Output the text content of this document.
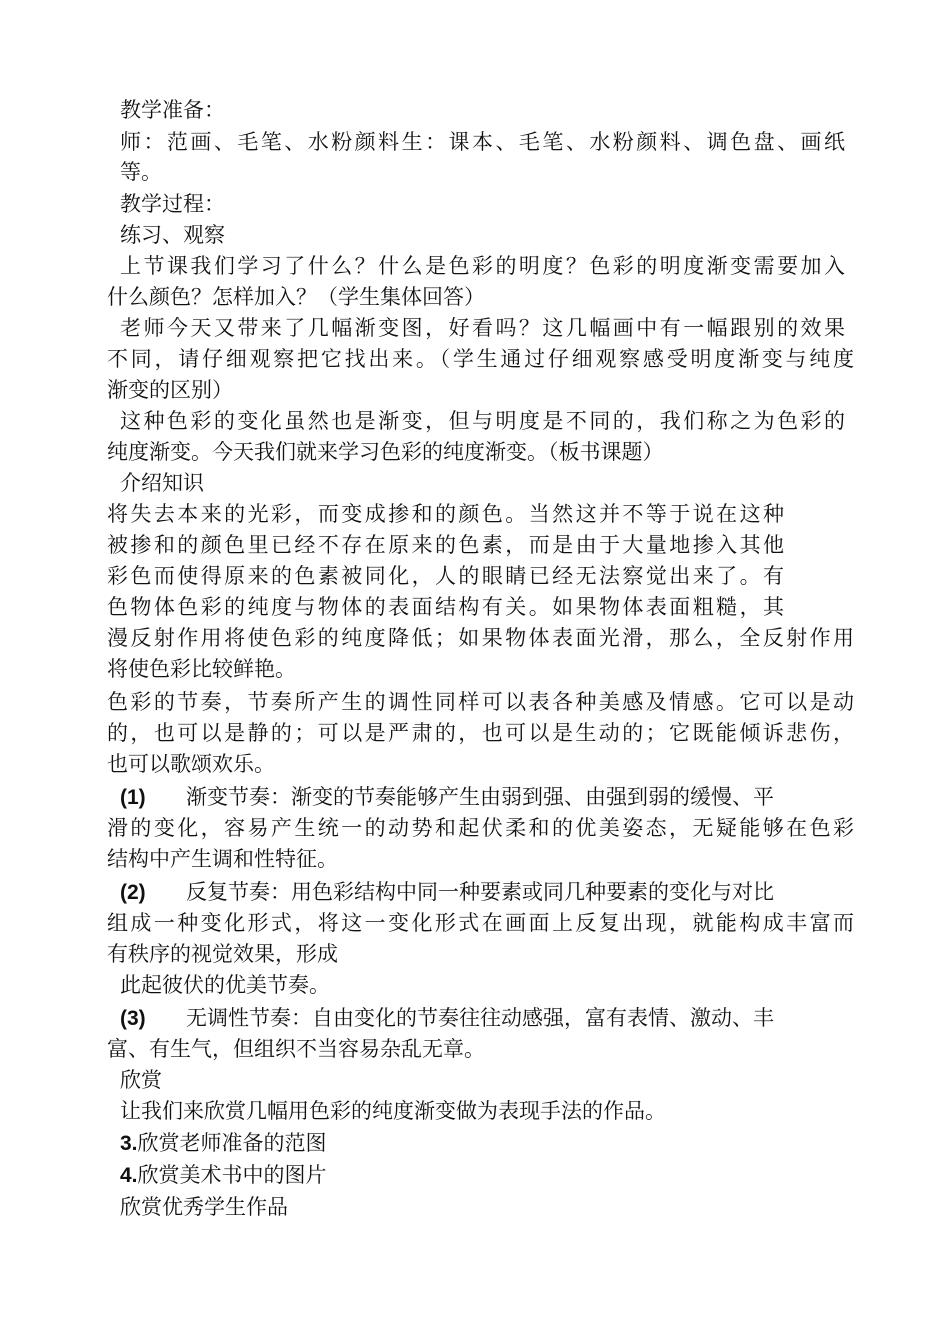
教学准备：
师：范画、毛笔、水粉颜料生：课本、毛笔、水粉颜料、调色盘、画纸
等。
教学过程：
练习、观察
上节课我们学习了什么？什么是色彩的明度？色彩的明度渐变需要加入
什么颜色？怎样加入？（学生集体回答）
老师今天又带来了几幅渐变图，好看吗？这几幅画中有一幅跟别的效果
不同，请仔细观察把它找出来。（学生通过仔细观察感受明度渐变与纯度
渐变的区别）
这种色彩的变化虽然也是渐变，但与明度是不同的，我们称之为色彩的
纯度渐变。今天我们就来学习色彩的纯度渐变。（板书课题）
介绍知识
将失去本来的光彩，而变成掺和的颜色。当然这并不等于说在这种
被掺和的颜色里已经不存在原来的色素，而是由于大量地掺入其他
彩色而使得原来的色素被同化，人的眼睛已经无法察觉出来了。有
色物体色彩的纯度与物体的表面结构有关。如果物体表面粗糙，其
漫反射作用将使色彩的纯度降低；如果物体表面光滑，那么，全反射作用
将使色彩比较鲜艳。
色彩的节奏，节奏所产生的调性同样可以表各种美感及情感。它可以是动
的，也可以是静的；可以是严肃的，也可以是生动的；它既能倾诉悲伤，
也可以歌颂欢乐。
(1) 渐变节奏：渐变的节奏能够产生由弱到强、由强到弱的缓慢、平
滑的变化，容易产生统一的动势和起伏柔和的优美姿态，无疑能够在色彩
结构中产生调和性特征。
(2) 反复节奏：用色彩结构中同一种要素或同几种要素的变化与对比
组成一种变化形式，将这一变化形式在画面上反复出现，就能构成丰富而
有秩序的视觉效果，形成
此起彼伏的优美节奏。
(3) 无调性节奏：自由变化的节奏往往动感强，富有表情、激动、丰
富、有生气，但组织不当容易杂乱无章。
欣赏
让我们来欣赏几幅用色彩的纯度渐变做为表现手法的作品。
3.欣赏老师准备的范图
4.欣赏美术书中的图片
欣赏优秀学生作品
